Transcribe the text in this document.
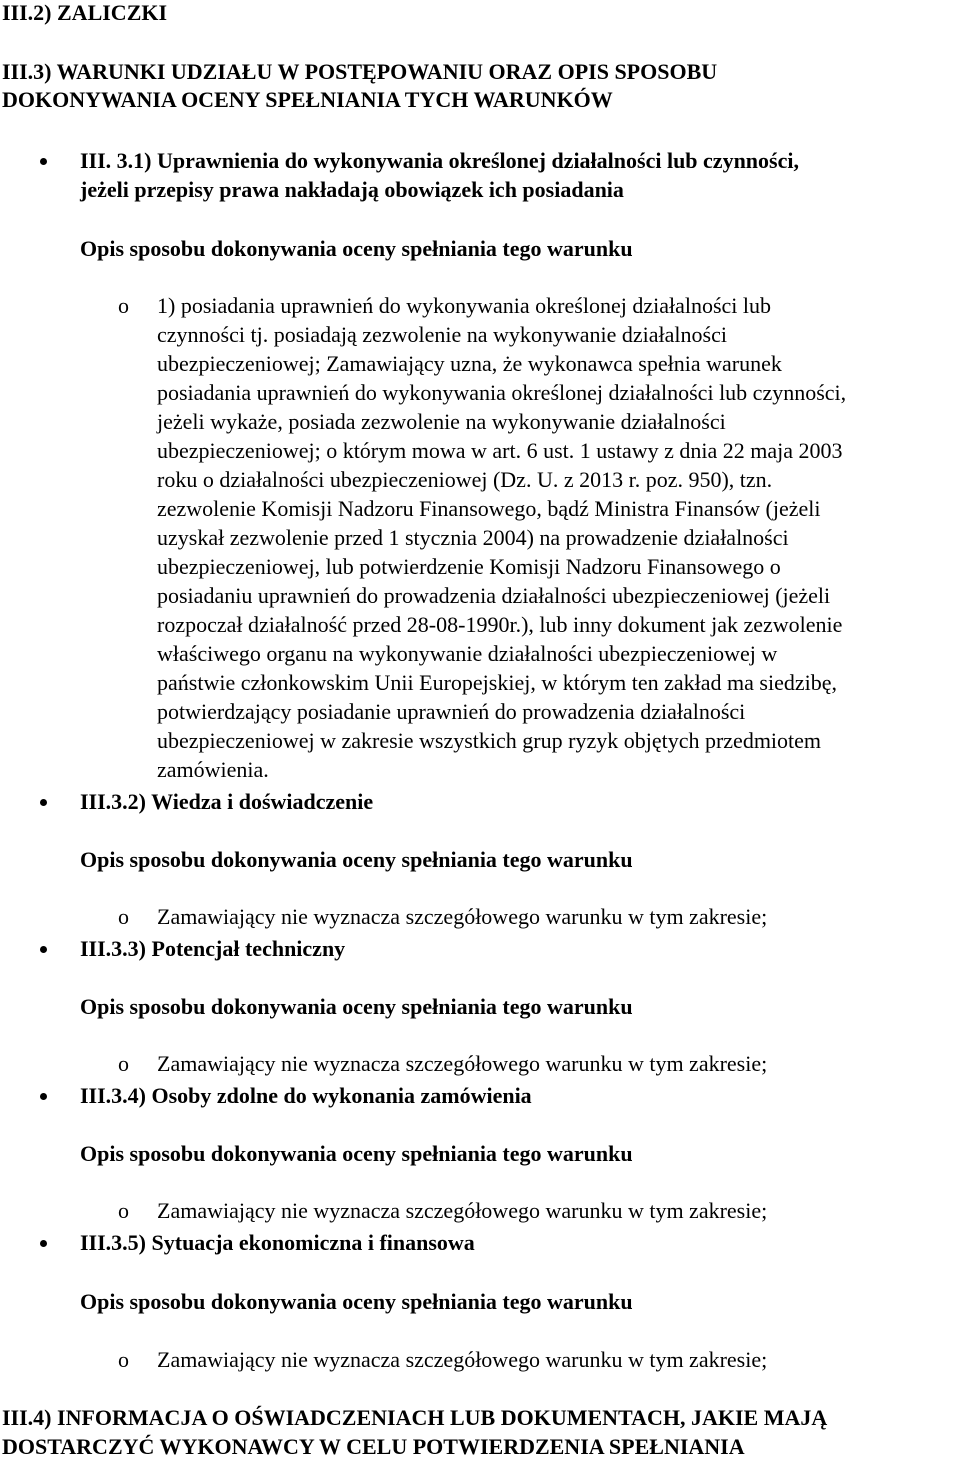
III.2) ZALICZKI
III.3) WARUNKI UDZIAŁU W POSTĘPOWANIU ORAZ OPIS SPOSOBU
DOKONYWANIA OCENY SPEŁNIANIA TYCH WARUNKÓW
III. 3.1) Uprawnienia do wykonywania określonej działalności lub czynności,
jeżeli przepisy prawa nakładają obowiązek ich posiadania
Opis sposobu dokonywania oceny spełniania tego warunku
o 1) posiadania uprawnień do wykonywania określonej działalności lub
czynności tj. posiadają zezwolenie na wykonywanie działalności
ubezpieczeniowej; Zamawiający uzna, że wykonawca spełnia warunek
posiadania uprawnień do wykonywania określonej działalności lub czynności,
jeżeli wykaże, posiada zezwolenie na wykonywanie działalności
ubezpieczeniowej; o którym mowa w art. 6 ust. 1 ustawy z dnia 22 maja 2003
roku o działalności ubezpieczeniowej (Dz. U. z 2013 r. poz. 950), tzn.
zezwolenie Komisji Nadzoru Finansowego, bądź Ministra Finansów (jeżeli
uzyskał zezwolenie przed 1 stycznia 2004) na prowadzenie działalności
ubezpieczeniowej, lub potwierdzenie Komisji Nadzoru Finansowego o
posiadaniu uprawnień do prowadzenia działalności ubezpieczeniowej (jeżeli
rozpoczał działalność przed 28-08-1990r.), lub inny dokument jak zezwolenie
właściwego organu na wykonywanie działalności ubezpieczeniowej w
państwie członkowskim Unii Europejskiej, w którym ten zakład ma siedzibę,
potwierdzający posiadanie uprawnień do prowadzenia działalności
ubezpieczeniowej w zakresie wszystkich grup ryzyk objętych przedmiotem
zamówienia.
III.3.2) Wiedza i doświadczenie
Opis sposobu dokonywania oceny spełniania tego warunku
o Zamawiający nie wyznacza szczegółowego warunku w tym zakresie;
III.3.3) Potencjał techniczny
Opis sposobu dokonywania oceny spełniania tego warunku
o Zamawiający nie wyznacza szczegółowego warunku w tym zakresie;
III.3.4) Osoby zdolne do wykonania zamówienia
Opis sposobu dokonywania oceny spełniania tego warunku
o Zamawiający nie wyznacza szczegółowego warunku w tym zakresie;
III.3.5) Sytuacja ekonomiczna i finansowa
Opis sposobu dokonywania oceny spełniania tego warunku
o Zamawiający nie wyznacza szczegółowego warunku w tym zakresie;
III.4) INFORMACJA O OŚWIADCZENIACH LUB DOKUMENTACH, JAKIE MAJĄ
DOSTARCZYĆ WYKONAWCY W CELU POTWIERDZENIA SPEŁNIANIA
